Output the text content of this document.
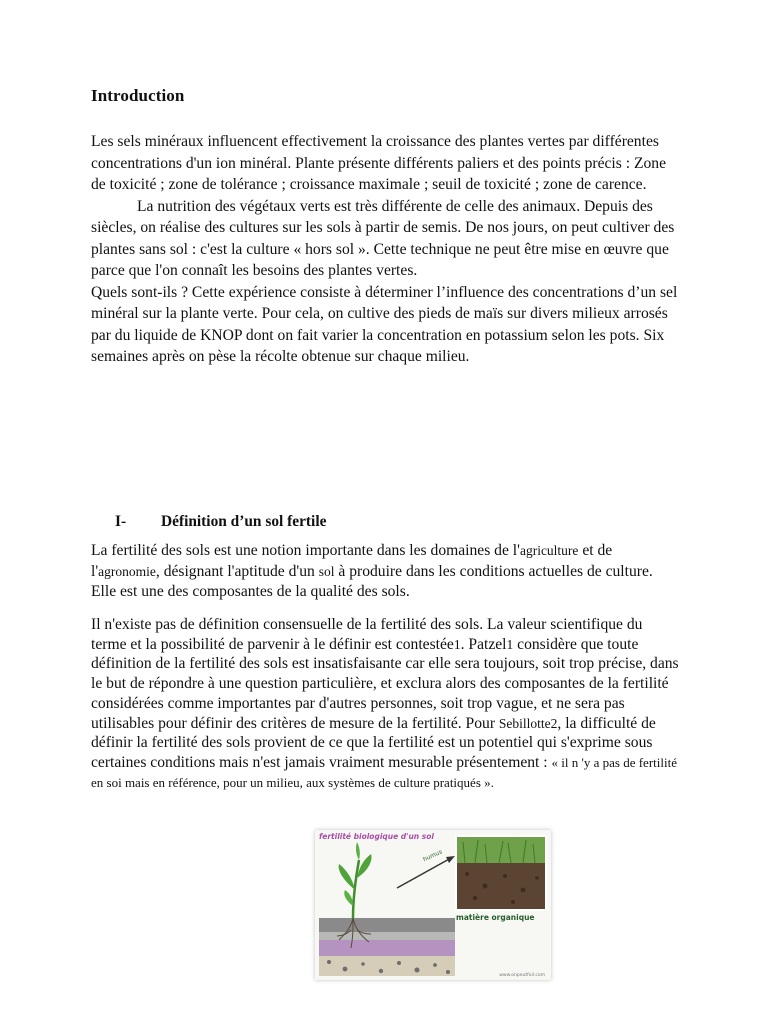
Introduction

Les sels minéraux influencent effectivement la croissance des plantes vertes par différentes concentrations d'un ion minéral. Plante présente différents paliers et des points précis : Zone de toxicité ; zone de tolérance ; croissance maximale ; seuil de toxicité ; zone de carence.
La nutrition des végétaux verts est très différente de celle des animaux. Depuis des siècles, on réalise des cultures sur les sols à partir de semis. De nos jours, on peut cultiver des plantes sans sol : c'est la culture « hors sol ». Cette technique ne peut être mise en œuvre que parce que l'on connaît les besoins des plantes vertes.
Quels sont-ils ? Cette expérience consiste à déterminer l’influence des concentrations d’un sel minéral sur la plante verte. Pour cela, on cultive des pieds de maïs sur divers milieux arrosés par du liquide de KNOP dont on fait varier la concentration en potassium selon les pots. Six semaines après on pèse la récolte obtenue sur chaque milieu.

I- Définition d’un sol fertile

La fertilité des sols est une notion importante dans les domaines de l'agriculture et de l'agronomie, désignant l'aptitude d'un sol à produire dans les conditions actuelles de culture. Elle est une des composantes de la qualité des sols.

Il n'existe pas de définition consensuelle de la fertilité des sols. La valeur scientifique du terme et la possibilité de parvenir à le définir est contestée1. Patzel1 considère que toute définition de la fertilité des sols est insatisfaisante car elle sera toujours, soit trop précise, dans le but de répondre à une question particulière, et exclura alors des composantes de la fertilité considérées comme importantes par d'autres personnes, soit trop vague, et ne sera pas utilisables pour définir des critères de mesure de la fertilité. Pour Sebillotte2, la difficulté de définir la fertilité des sols provient de ce que la fertilité est un potentiel qui s'exprime sous certaines conditions mais n'est jamais vraiment mesurable présentement : « il n 'y a pas de fertilité en soi mais en référence, pour un milieu, aux systèmes de culture pratiqués ».

fertilité biologique d'un sol
humus
matière organique
www.onpeutfoil.com
